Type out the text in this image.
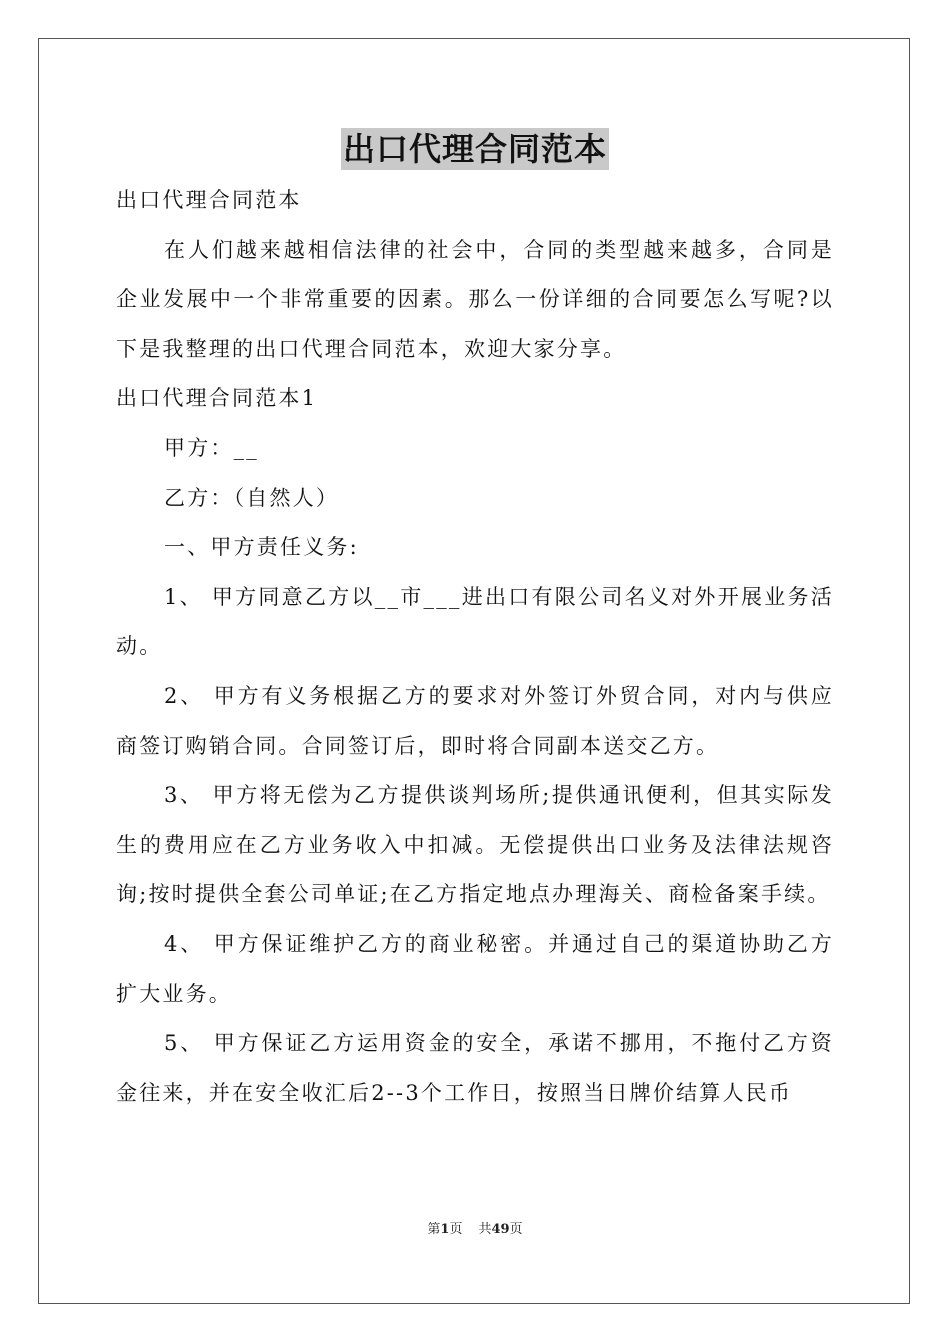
出口代理合同范本

出口代理合同范本

在人们越来越相信法律的社会中，合同的类型越来越多，合同是企业发展中一个非常重要的因素。那么一份详细的合同要怎么写呢?以下是我整理的出口代理合同范本，欢迎大家分享。

出口代理合同范本1

甲方：__

乙方：（自然人）

一、甲方责任义务:

1、 甲方同意乙方以__市___进出口有限公司名义对外开展业务活动。

2、 甲方有义务根据乙方的要求对外签订外贸合同，对内与供应商签订购销合同。合同签订后，即时将合同副本送交乙方。

3、 甲方将无偿为乙方提供谈判场所;提供通讯便利，但其实际发生的费用应在乙方业务收入中扣减。无偿提供出口业务及法律法规咨询;按时提供全套公司单证;在乙方指定地点办理海关、商检备案手续。

4、 甲方保证维护乙方的商业秘密。并通过自己的渠道协助乙方扩大业务。

5、 甲方保证乙方运用资金的安全，承诺不挪用，不拖付乙方资金往来，并在安全收汇后2--3个工作日，按照当日牌价结算人民币

第1页 共49页
